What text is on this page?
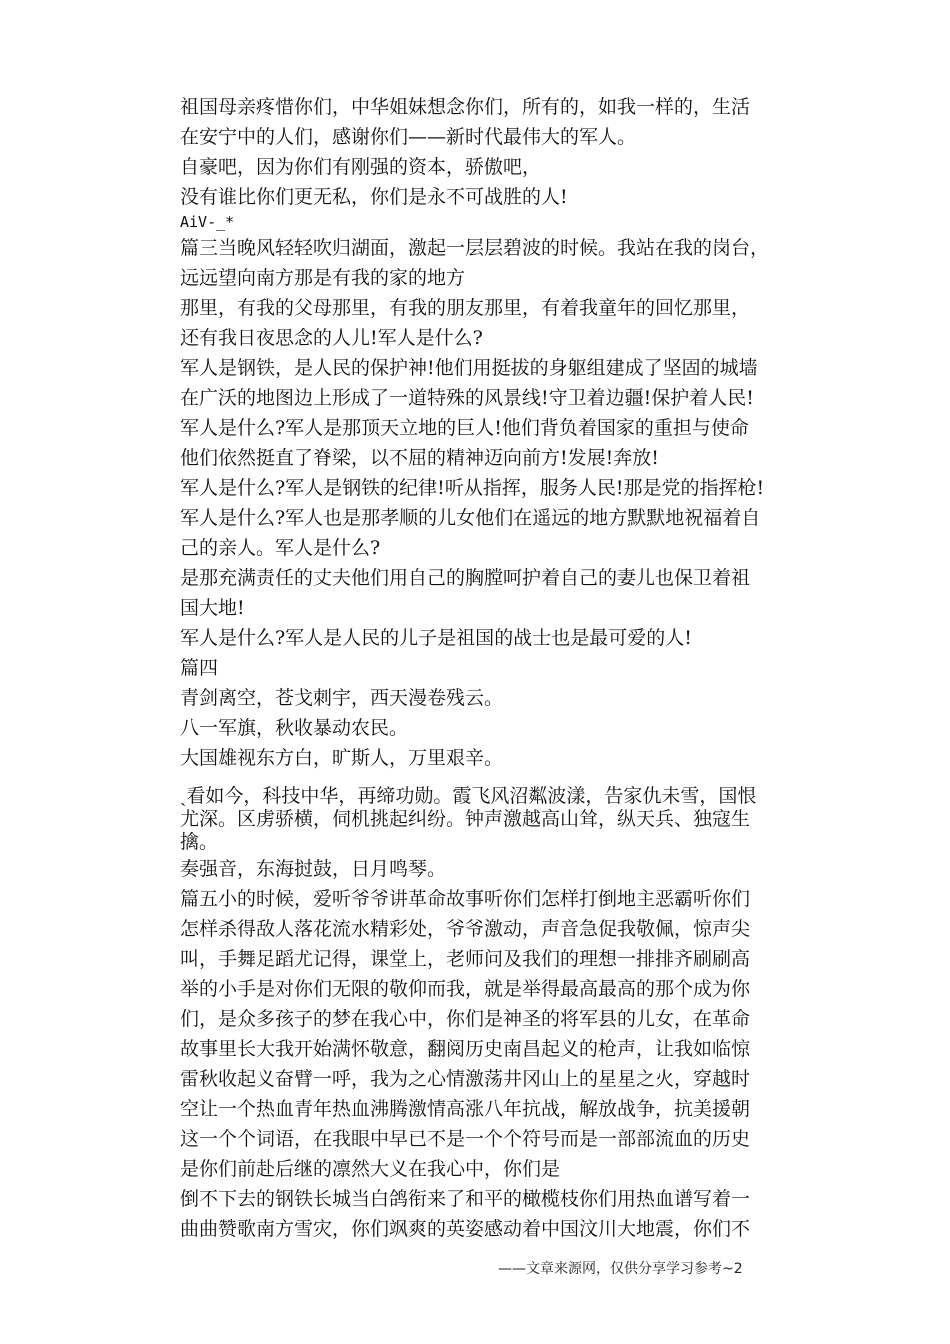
祖国母亲疼惜你们，中华姐妹想念你们，所有的，如我一样的，生活
在安宁中的人们，感谢你们——新时代最伟大的军人。
自豪吧，因为你们有刚强的资本，骄傲吧，
没有谁比你们更无私，你们是永不可战胜的人!
AiV-_*
篇三当晚风轻轻吹归湖面，激起一层层碧波的时候。我站在我的岗台，
远远望向南方那是有我的家的地方
那里，有我的父母那里，有我的朋友那里，有着我童年的回忆那里，
还有我日夜思念的人儿!军人是什么?
军人是钢铁，是人民的保护神!他们用挺拔的身躯组建成了坚固的城墙
在广沃的地图边上形成了一道特殊的风景线!守卫着边疆!保护着人民!
军人是什么?军人是那顶天立地的巨人!他们背负着国家的重担与使命
他们依然挺直了脊梁，以不屈的精神迈向前方!发展!奔放!
军人是什么?军人是钢铁的纪律!听从指挥，服务人民!那是党的指挥枪!
军人是什么?军人也是那孝顺的儿女他们在遥远的地方默默地祝福着自
己的亲人。军人是什么?
是那充满责任的丈夫他们用自己的胸膛呵护着自己的妻儿也保卫着祖
国大地!
军人是什么?军人是人民的儿子是祖国的战士也是最可爱的人!
篇四
青剑离空，苍戈刺宇，西天漫卷残云。
八一军旗，秋收暴动农民。
大国雄视东方白，旷斯人，万里艰辛。
ˏ看如今，科技中华，再缔功勋。霞飞风沼粼波漾，告家仇未雪，国恨
尤深。区虏骄横，伺机挑起纠纷。钟声激越高山耸，纵天兵、独寇生
擒。
奏强音，东海挝鼓，日月鸣琴。
篇五小的时候，爱听爷爷讲革命故事听你们怎样打倒地主恶霸听你们
怎样杀得敌人落花流水精彩处，爷爷激动，声音急促我敬佩，惊声尖
叫，手舞足蹈尤记得，课堂上，老师问及我们的理想一排排齐刷刷高
举的小手是对你们无限的敬仰而我，就是举得最高最高的那个成为你
们，是众多孩子的梦在我心中，你们是神圣的将军县的儿女，在革命
故事里长大我开始满怀敬意，翻阅历史南昌起义的枪声，让我如临惊
雷秋收起义奋臂一呼，我为之心情激荡井冈山上的星星之火，穿越时
空让一个热血青年热血沸腾激情高涨八年抗战，解放战争，抗美援朝
这一个个词语，在我眼中早已不是一个个符号而是一部部流血的历史
是你们前赴后继的凛然大义在我心中，你们是
倒不下去的钢铁长城当白鸽衔来了和平的橄榄枝你们用热血谱写着一
曲曲赞歌南方雪灾，你们飒爽的英姿感动着中国汶川大地震，你们不
——文章来源网，仅供分享学习参考~2
